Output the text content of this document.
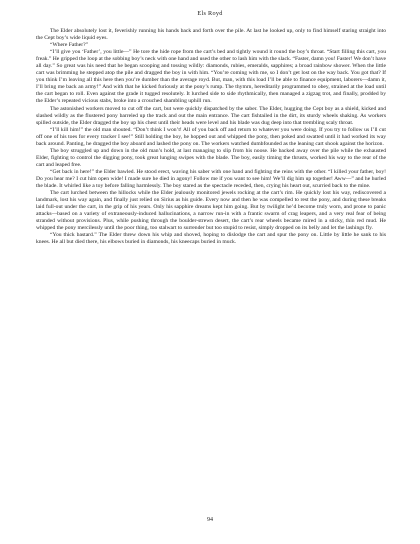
Els Royd

The Elder absolutely lost it, feverishly running his hands back and forth over the pile. At last he looked up, only to find himself staring straight into the Cept boy’s wide liquid eyes.

“Where Father?”

“I’ll give you ‘Father’, you little—” He tore the hide rope from the cart’s bed and tightly wound it round the boy’s throat. “Start filling this cart, you freak.” He gripped the loop at the sobbing boy’s neck with one hand and used the other to lash him with the slack. “Faster, damn you! Faster! We don’t have all day.” So great was his need that he began scooping and tossing wildly: diamonds, rubies, emeralds, sapphires; a broad rainbow shower. When the little cart was brimming he stepped atop the pile and dragged the boy in with him. “You’re coming with me, so I don’t get lost on the way back. You got that? If you think I’m leaving all this here then you’re dumber than the average royd. But, man, with this load I’ll be able to finance equipment, laborers—damn it, I’ll bring me back an army!” And with that he kicked furiously at the pony’s rump. The thymrn, hereditarily programmed to obey, strained at the load until the cart began to roll. Even against the grade it tugged resolutely. It lurched side to side rhythmically, then managed a zigzag trot, and finally, prodded by the Elder’s repeated vicious stabs, broke into a crouched shambling uphill run.

The astonished workers moved to cut off the cart, but were quickly dispatched by the saber. The Elder, hugging the Cept boy as a shield, kicked and slashed wildly as the flustered pony barreled up the track and out the main entrance. The cart fishtailed in the dirt, its sturdy wheels shaking. As workers spilled outside, the Elder dragged the boy up his chest until their heads were level and his blade was dug deep into that trembling scaly throat.

“I’ll kill him!” the old man shouted. “Don’t think I won’t! All of you back off and return to whatever you were doing. If you try to follow us I’ll cut off one of his toes for every tracker I see!” Still holding the boy, he hopped out and whipped the pony, then poked and swatted until it had worked its way back around. Panting, he dragged the boy aboard and lashed the pony on. The workers watched dumbfounded as the leaning cart shook against the horizon.

The boy struggled up and down in the old man’s hold, at last managing to slip from his noose. He backed away over the pile while the exhausted Elder, fighting to control the digging pony, took great lunging swipes with the blade. The boy, easily timing the thrusts, worked his way to the rear of the cart and leaped free.

“Get back in here!” the Elder bawled. He stood erect, waving his saber with one hand and fighting the reins with the other. “I killed your father, boy! Do you hear me? I cut him open wide! I made sure he died in agony! Follow me if you want to see him! We’ll dig him up together! Aww—” and he hurled the blade. It whirled like a toy before falling harmlessly. The boy stared as the spectacle receded, then, crying his heart out, scurried back to the mine.

The cart lurched between the hillocks while the Elder jealously monitored jewels rocking at the cart’s rim. He quickly lost his way, rediscovered a landmark, lost his way again, and finally just relied on Sirius as his guide. Every now and then he was compelled to rest the pony, and during these breaks laid full-out under the cart, in the grip of his years. Only his sapphire dreams kept him going. But by twilight he’d become truly worn, and prone to panic attacks—based on a variety of extraneously-induced hallucinations, a narrow run-in with a frantic swarm of crag leapers, and a very real fear of being stranded without provisions. Plus, while pushing through the boulder-strewn desert, the cart’s rear wheels became mired in a sticky, thin red mud. He whipped the pony mercilessly until the poor thing, too stalwart to surrender but too stupid to resist, simply dropped on its belly and let the lashings fly.

“You thick bastard.” The Elder threw down his whip and shoved, hoping to dislodge the cart and spur the pony on. Little by little he sank to his knees. He all but died there, his elbows buried in diamonds, his kneecaps buried in muck.

94
